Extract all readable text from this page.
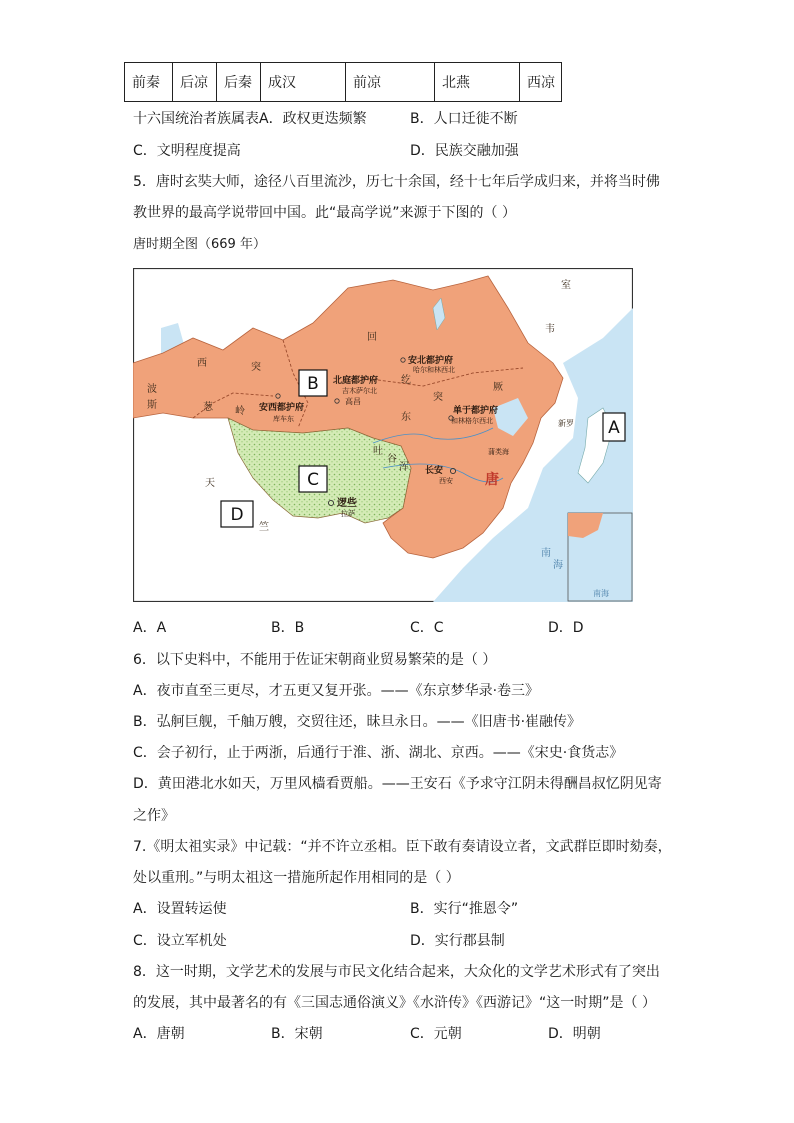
前秦	后凉	后秦	成汉	前凉	北燕	西凉
十六国统治者族属表A．政权更迭频繁	B．人口迁徙不断
C．文明程度提高	D．民族交融加强
5．唐时玄奘大师，途径八百里流沙，历七十余国，经十七年后学成归来，并将当时佛
教世界的最高学说带回中国。此“最高学说”来源于下图的（ ）
唐时期全图（669 年）
回
纥
西	突
东
突
厥
波
斯	葱 岭
吐
谷
浑
天
竺
新罗
室
韦
南
海
南海
唐
北庭都护府
吉木萨尔北
高昌
安西都护府
库车东
安北都护府
哈尔和林西北
单于都护府
和林格尔西北
长安
西安
逻些
拉萨
蒲类海
B
C
D
A
A．A	B．B	C．C	D．D
6．以下史料中，不能用于佐证宋朝商业贸易繁荣的是（ ）
A．夜市直至三更尽，才五更又复开张。——《东京梦华录·卷三》
B．弘舸巨舰，千舳万艘，交贸往还，昧旦永日。——《旧唐书·崔融传》
C．会子初行，止于两浙，后通行于淮、浙、湖北、京西。——《宋史·食货志》
D．黄田港北水如天，万里风樯看贾船。——王安石《予求守江阴未得酬昌叔忆阴见寄
之作》
7.《明太祖实录》中记载：“并不许立丞相。臣下敢有奏请设立者，文武群臣即时劾奏，
处以重刑。”与明太祖这一措施所起作用相同的是（ ）
A．设置转运使	B．实行“推恩令”
C．设立军机处	D．实行郡县制
8．这一时期，文学艺术的发展与市民文化结合起来，大众化的文学艺术形式有了突出
的发展，其中最著名的有《三国志通俗演义》《水浒传》《西游记》“这一时期”是（ ）
A．唐朝	B．宋朝	C．元朝	D．明朝
